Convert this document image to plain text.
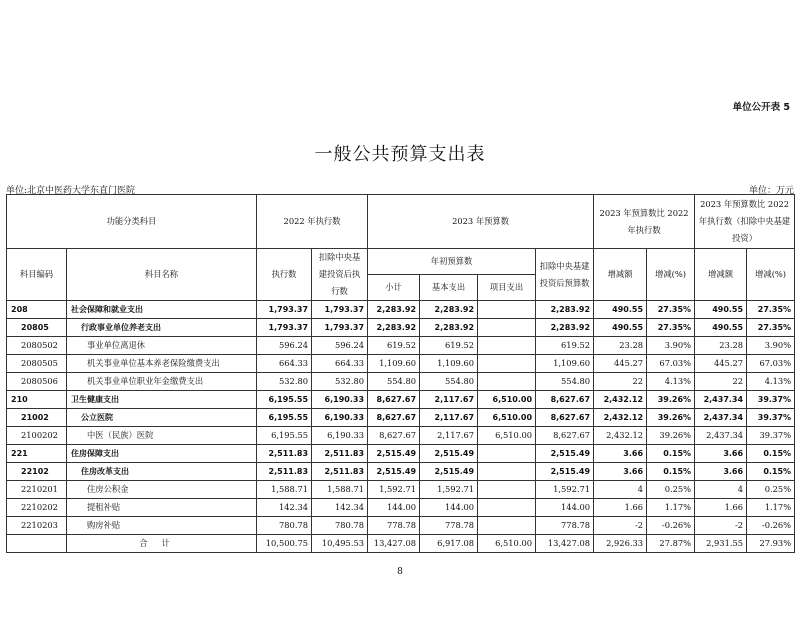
单位公开表 5
一般公共预算支出表
单位:北京中医药大学东直门医院	单位：万元
功能分类科目		2022 年执行数		2023 年预算数				2023 年预算数比 2022 年执行数		2023 年预算数比 2022 年执行数（扣除中央基建投资）	
科目编码	科目名称	执行数	扣除中央基建投资后执行数	年初预算数			扣除中央基建投资后预算数	增减额	增减(%)	增减额	增减(%)
				小计	基本支出	项目支出					
208	社会保障和就业支出	1,793.37	1,793.37	2,283.92	2,283.92		2,283.92	490.55	27.35%	490.55	27.35%
20805	行政事业单位养老支出	1,793.37	1,793.37	2,283.92	2,283.92		2,283.92	490.55	27.35%	490.55	27.35%
2080502	事业单位离退休	596.24	596.24	619.52	619.52		619.52	23.28	3.90%	23.28	3.90%
2080505	机关事业单位基本养老保险缴费支出	664.33	664.33	1,109.60	1,109.60		1,109.60	445.27	67.03%	445.27	67.03%
2080506	机关事业单位职业年金缴费支出	532.80	532.80	554.80	554.80		554.80	22	4.13%	22	4.13%
210	卫生健康支出	6,195.55	6,190.33	8,627.67	2,117.67	6,510.00	8,627.67	2,432.12	39.26%	2,437.34	39.37%
21002	公立医院	6,195.55	6,190.33	8,627.67	2,117.67	6,510.00	8,627.67	2,432.12	39.26%	2,437.34	39.37%
2100202	中医（民族）医院	6,195.55	6,190.33	8,627.67	2,117.67	6,510.00	8,627.67	2,432.12	39.26%	2,437.34	39.37%
221	住房保障支出	2,511.83	2,511.83	2,515.49	2,515.49		2,515.49	3.66	0.15%	3.66	0.15%
22102	住房改革支出	2,511.83	2,511.83	2,515.49	2,515.49		2,515.49	3.66	0.15%	3.66	0.15%
2210201	住房公积金	1,588.71	1,588.71	1,592.71	1,592.71		1,592.71	4	0.25%	4	0.25%
2210202	提租补贴	142.34	142.34	144.00	144.00		144.00	1.66	1.17%	1.66	1.17%
2210203	购房补贴	780.78	780.78	778.78	778.78		778.78	-2	-0.26%	-2	-0.26%
	合计	10,500.75	10,495.53	13,427.08	6,917.08	6,510.00	13,427.08	2,926.33	27.87%	2,931.55	27.93%
8
